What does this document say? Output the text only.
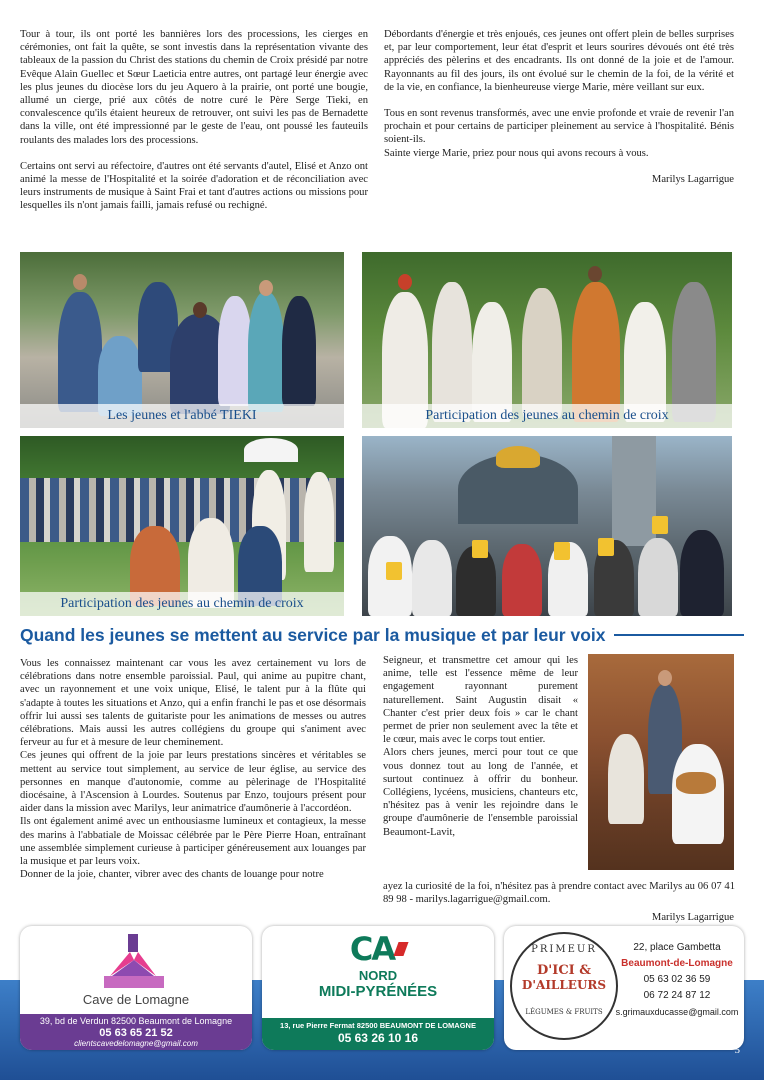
Tour à tour, ils ont porté les bannières lors des processions, les cierges en cérémonies, ont fait la quête, se sont investis dans la représentation vivante des tableaux de la passion du Christ des stations du chemin de Croix présidé par notre Evêque Alain Guellec et Sœur Laeticia entre autres, ont partagé leur énergie avec les plus jeunes du diocèse lors du jeu Aquero à la prairie, ont porté une bougie, allumé un cierge, prié aux côtés de notre curé le Père Serge Tieki, en convalescence qu'ils étaient heureux de retrouver, ont suivi les pas de Bernadette dans la ville, ont été impressionné par le geste de l'eau, ont poussé les fauteuils roulants des malades lors des processions.

Certains ont servi au réfectoire, d'autres ont été servants d'autel, Elisé et Anzo ont animé la messe de l'Hospitalité et la soirée d'adoration et de réconciliation avec leurs instruments de musique à Saint Frai et tant d'autres actions ou missions pour lesquelles ils n'ont jamais failli, jamais refusé ou rechigné.

Débordants d'énergie et très enjoués, ces jeunes ont offert plein de belles surprises et, par leur comportement, leur état d'esprit et leurs sourires dévoués ont été très appréciés des pèlerins et des encadrants. Ils ont donné de la joie et de l'amour. Rayonnants au fil des jours, ils ont évolué sur le chemin de la foi, de la vérité et de la vie, en confiance, la bienheureuse vierge Marie, mère veillant sur eux.

Tous en sont revenus transformés, avec une envie profonde et vraie de revenir l'an prochain et pour certains de participer pleinement au service à l'hospitalité. Bénis soient-ils.

Sainte vierge Marie, priez pour nous qui avons recours à vous.

Marilys Lagarrigue

Les jeunes et l'abbé TIEKI	Participation des jeunes au chemin de croix
Participation des jeunes au chemin de croix
Quand les jeunes se mettent au service par la musique et par leur voix

Vous les connaissez maintenant car vous les avez certainement vu lors de célébrations dans notre ensemble paroissial. Paul, qui anime au pupitre chant, avec un rayonnement et une voix unique, Elisé, le talent pur à la flûte qui s'adapte à toutes les situations et Anzo, qui a enfin franchi le pas et ose désormais offrir lui aussi ses talents de guitariste pour les animations de messes ou autres célébrations. Mais aussi les autres collégiens du groupe qui s'animent avec ferveur au fur et à mesure de leur cheminement.

Ces jeunes qui offrent de la joie par leurs prestations sincères et véritables se mettent au service tout simplement, au service de leur église, au service des personnes en manque d'autonomie, comme au pèlerinage de l'Hospitalité diocésaine, à l'Ascension à Lourdes. Soutenus par Enzo, toujours présent pour aider dans la mission avec Marilys, leur animatrice d'aumônerie à l'accordéon.

Ils ont également animé avec un enthousiasme lumineux et contagieux, la messe des marins à l'abbatiale de Moissac célébrée par le Père Pierre Hoan, entraînant une assemblée simplement curieuse à participer généreusement aux louanges par la musique et par leurs voix.

Donner de la joie, chanter, vibrer avec des chants de louange pour notre

Seigneur, et transmettre cet amour qui les anime, telle est l'essence même de leur engagement rayonnant purement naturellement. Saint Augustin disait « Chanter c'est prier deux fois » car le chant permet de prier non seulement avec la tête et le cœur, mais avec le corps tout entier.

Alors chers jeunes, merci pour tout ce que vous donnez tout au long de l'année, et surtout continuez à offrir du bonheur. Collégiens, lycéens, musiciens, chanteurs etc, n'hésitez pas à venir les rejoindre dans le groupe d'aumônerie de l'ensemble paroissial Beaumont-Lavit,

ayez la curiosité de la foi, n'hésitez pas à prendre contact avec Marilys au 06 07 41 89 98 - marilys.lagarrigue@gmail.com.

Marilys Lagarrigue
Cave de Lomagne
39, bd de Verdun 82500 Beaumont de Lomagne
05 63 65 21 52
clientscavedelomagne@gmail.com
CA
NORD
MIDI-PYRÉNÉES
13, rue Pierre Fermat 82500 BEAUMONT DE LOMAGNE
05 63 26 10 16
PRIMEUR
D'ICI &
D'AILLEURS
LÉGUMES & FRUITS
22, place Gambetta
Beaumont-de-Lomagne
05 63 02 36 59
06 72 24 87 12
s.grimauxducasse@gmail.com
5
